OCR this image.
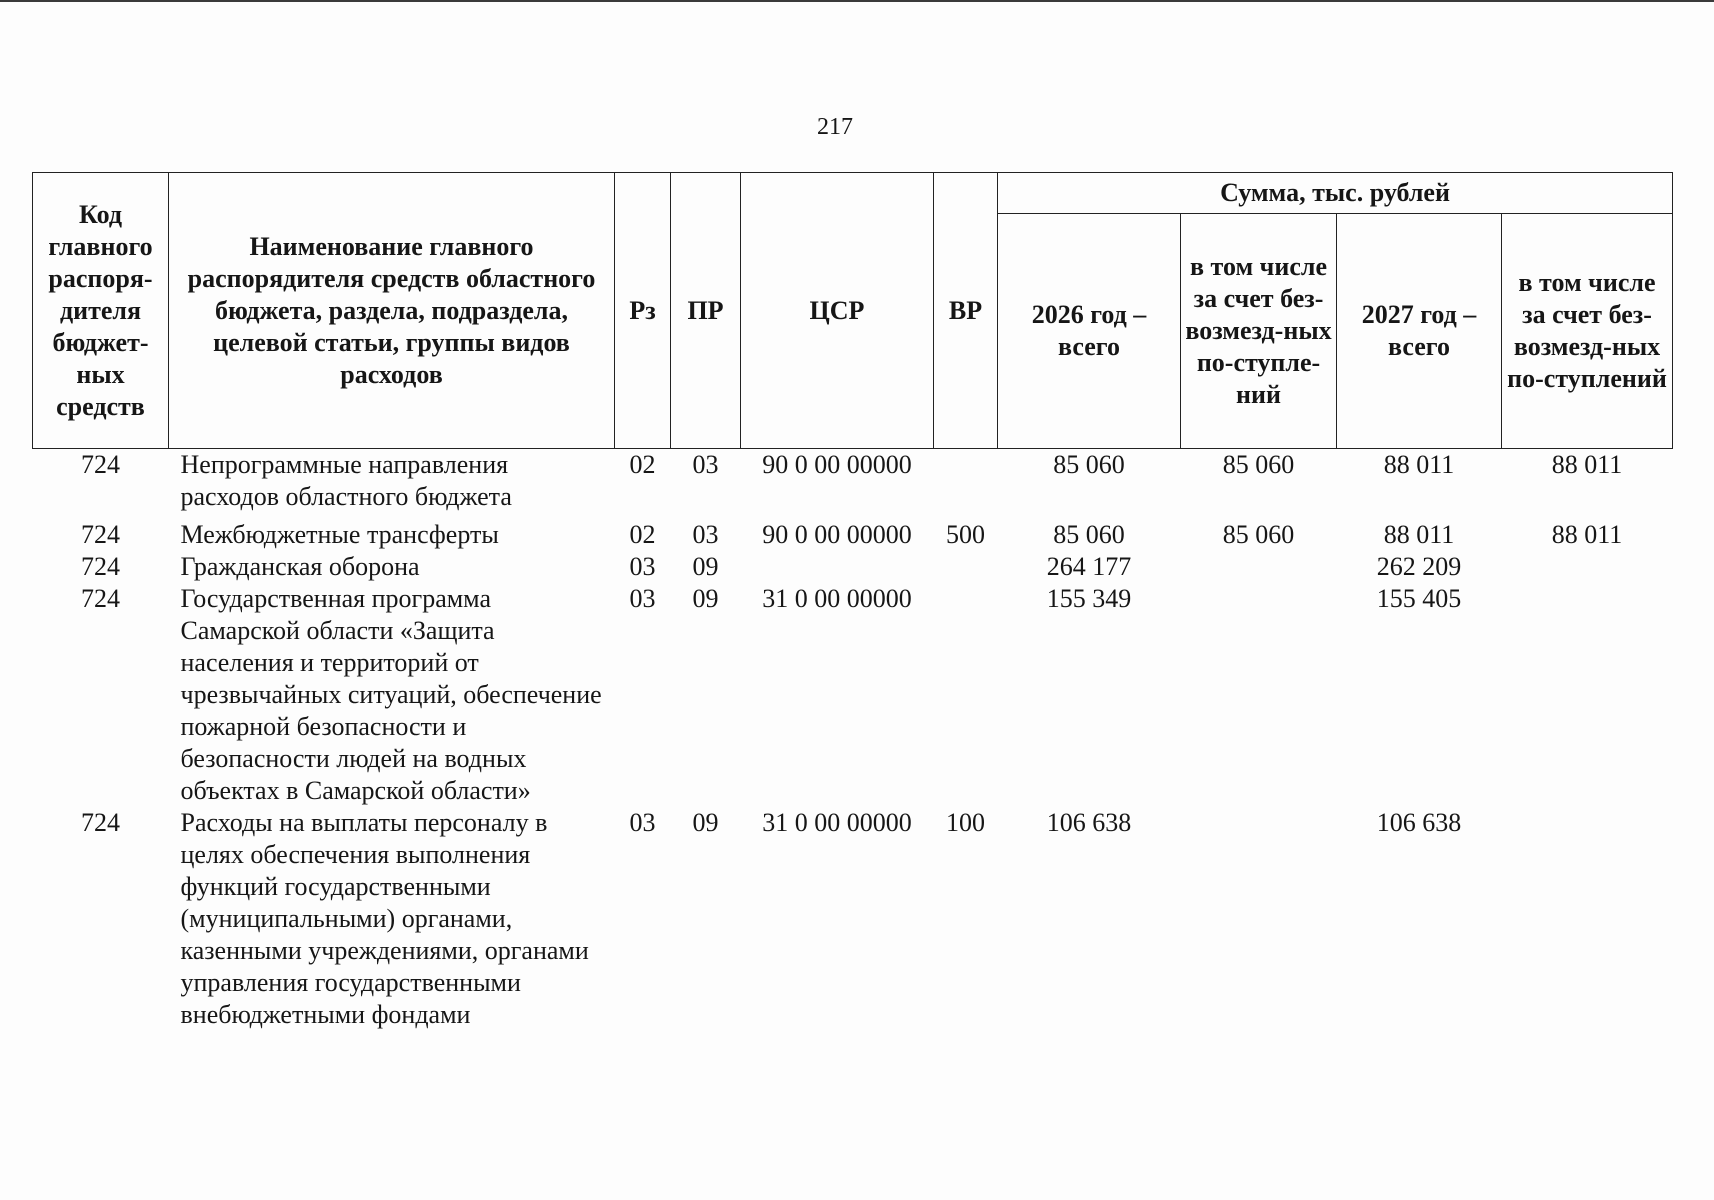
217
Код главного распоря-дителя бюджет-ных средств	Наименование главного распорядителя средств областного бюджета, раздела, подраздела, целевой статьи, группы видов расходов	Рз	ПР	ЦСР	ВР	Сумма, тыс. рублей			
						2026 год – всего	в том числе за счет без-возмезд-ных по-ступле-ний	2027 год – всего	в том числе за счет без-возмезд-ных по-ступлений
724	Непрограммные направления расходов областного бюджета	02	03	90 0 00 00000		85 060	85 060	88 011	88 011
724	Межбюджетные трансферты	02	03	90 0 00 00000	500	85 060	85 060	88 011	88 011
724	Гражданская оборона	03	09			264 177		262 209	
724	Государственная программа Самарской области «Защита населения и территорий от чрезвычайных ситуаций, обеспечение пожарной безопасности и безопасности людей на водных объектах в Самарской области»	03	09	31 0 00 00000		155 349		155 405	
724	Расходы на выплаты персоналу в целях обеспечения выполнения функций государственными (муниципальными) органами, казенными учреждениями, органами управления государственными внебюджетными фондами	03	09	31 0 00 00000	100	106 638		106 638	
